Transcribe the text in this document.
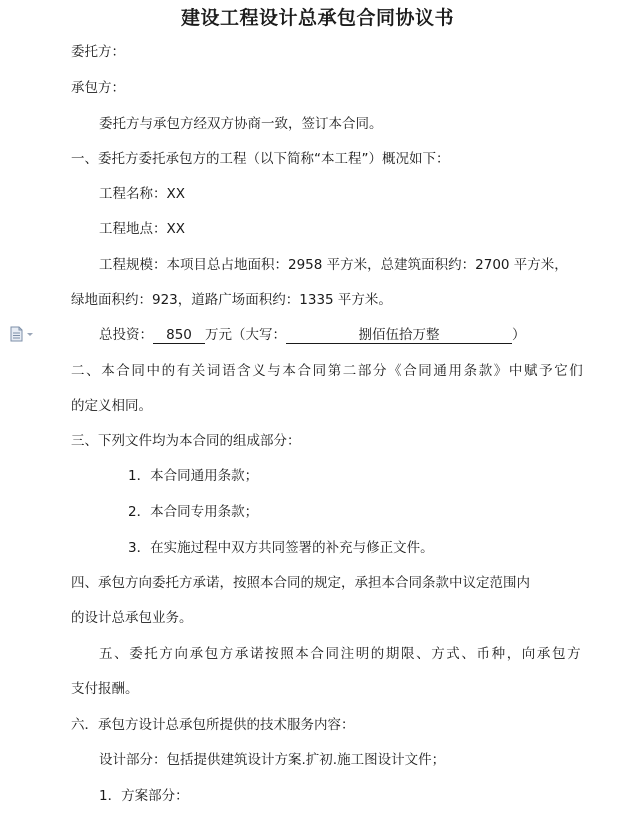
建设工程设计总承包合同协议书
委托方：
承包方：
委托方与承包方经双方协商一致，签订本合同。
一、委托方委托承包方的工程（以下简称“本工程”）概况如下：
工程名称：XX
工程地点：XX
工程规模：本项目总占地面积：2958 平方米，总建筑面积约：2700 平方米，
绿地面积约：923，道路广场面积约：1335 平方米。
总投资： 850 万元（大写：	捌佰伍拾万整	）
二、本合同中的有关词语含义与本合同第二部分《合同通用条款》中赋予它们
的定义相同。
三、下列文件均为本合同的组成部分：
1．本合同通用条款；
2．本合同专用条款；
3．在实施过程中双方共同签署的补充与修正文件。
四、承包方向委托方承诺，按照本合同的规定，承担本合同条款中议定范围内
的设计总承包业务。
五、委托方向承包方承诺按照本合同注明的期限、方式、币种，向承包方
支付报酬。
六．承包方设计总承包所提供的技术服务内容：
设计部分：包括提供建筑设计方案.扩初.施工图设计文件；
1．方案部分：
